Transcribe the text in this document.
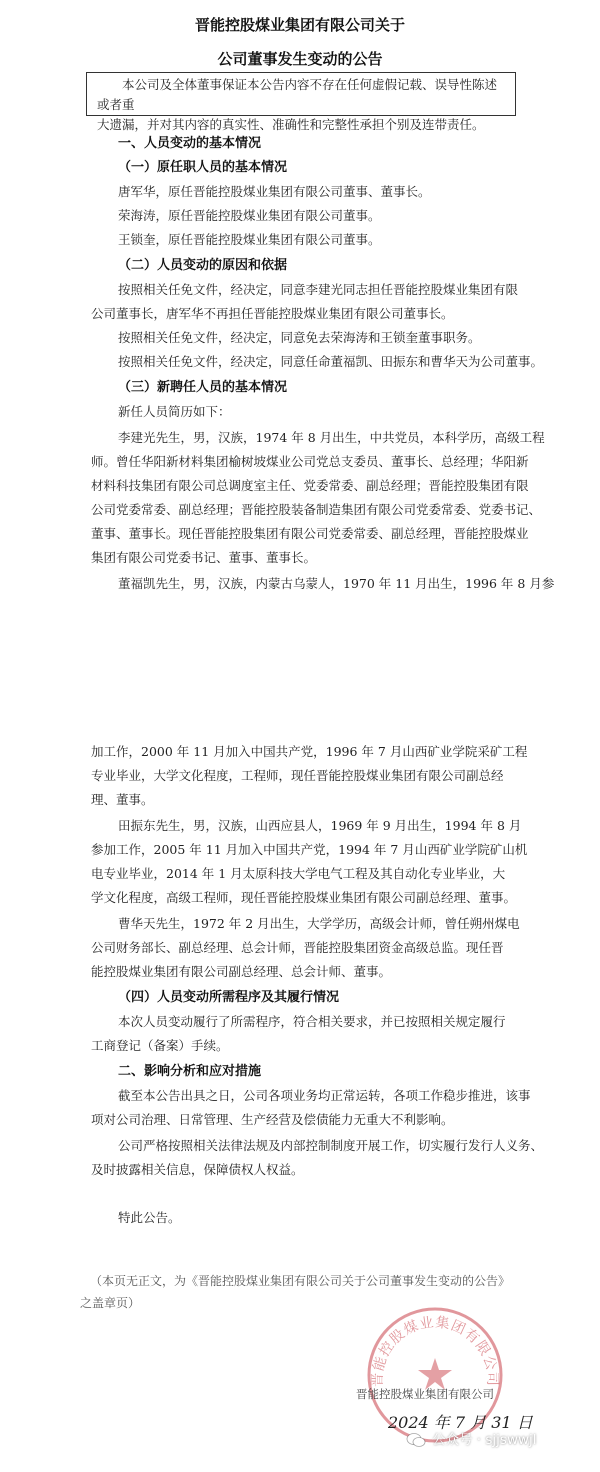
晋能控股煤业集团有限公司关于
公司董事发生变动的公告
本公司及全体董事保证本公告内容不存在任何虚假记载、误导性陈述或者重
大遗漏，并对其内容的真实性、准确性和完整性承担个别及连带责任。
一、人员变动的基本情况
（一）原任职人员的基本情况
唐军华，原任晋能控股煤业集团有限公司董事、董事长。
荣海涛，原任晋能控股煤业集团有限公司董事。
王锁奎，原任晋能控股煤业集团有限公司董事。
（二）人员变动的原因和依据
按照相关任免文件，经决定，同意李建光同志担任晋能控股煤业集团有限
公司董事长，唐军华不再担任晋能控股煤业集团有限公司董事长。
按照相关任免文件，经决定，同意免去荣海涛和王锁奎董事职务。
按照相关任免文件，经决定，同意任命董福凯、田振东和曹华天为公司董事。
（三）新聘任人员的基本情况
新任人员简历如下：
李建光先生，男，汉族，1974 年 8 月出生，中共党员，本科学历，高级工程
师。曾任华阳新材料集团榆树坡煤业公司党总支委员、董事长、总经理；华阳新
材料科技集团有限公司总调度室主任、党委常委、副总经理；晋能控股集团有限
公司党委常委、副总经理；晋能控股装备制造集团有限公司党委常委、党委书记、
董事、董事长。现任晋能控股集团有限公司党委常委、副总经理，晋能控股煤业
集团有限公司党委书记、董事、董事长。
董福凯先生，男，汉族，内蒙古乌蒙人，1970 年 11 月出生，1996 年 8 月参
加工作，2000 年 11 月加入中国共产党，1996 年 7 月山西矿业学院采矿工程
专业毕业，大学文化程度，工程师，现任晋能控股煤业集团有限公司副总经
理、董事。
田振东先生，男，汉族，山西应县人，1969 年 9 月出生，1994 年 8 月
参加工作，2005 年 11 月加入中国共产党，1994 年 7 月山西矿业学院矿山机
电专业毕业，2014 年 1 月太原科技大学电气工程及其自动化专业毕业，大
学文化程度，高级工程师，现任晋能控股煤业集团有限公司副总经理、董事。
曹华天先生，1972 年 2 月出生，大学学历，高级会计师，曾任朔州煤电
公司财务部长、副总经理、总会计师，晋能控股集团资金高级总监。现任晋
能控股煤业集团有限公司副总经理、总会计师、董事。
（四）人员变动所需程序及其履行情况
本次人员变动履行了所需程序，符合相关要求，并已按照相关规定履行
工商登记（备案）手续。
二、影响分析和应对措施
截至本公告出具之日，公司各项业务均正常运转，各项工作稳步推进，该事
项对公司治理、日常管理、生产经营及偿债能力无重大不利影响。
公司严格按照相关法律法规及内部控制制度开展工作，切实履行发行人义务、
及时披露相关信息，保障债权人权益。
特此公告。
（本页无正文，为《晋能控股煤业集团有限公司关于公司董事发生变动的公告》
之盖章页）
晋能控股煤业集团有限公司
晋能控股煤业集团有限公司
2024 年 7 月 31 日
公众号 · sjjswwjl
